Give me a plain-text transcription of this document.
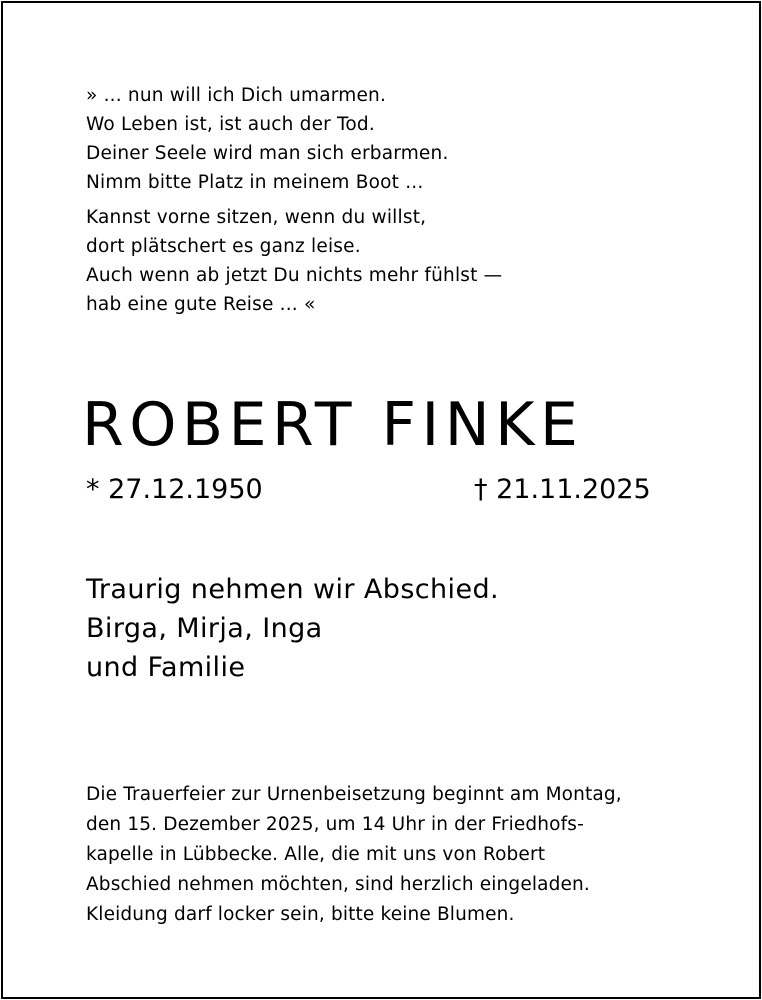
» ... nun will ich Dich umarmen.
Wo Leben ist, ist auch der Tod.
Deiner Seele wird man sich erbarmen.
Nimm bitte Platz in meinem Boot ...
Kannst vorne sitzen, wenn du willst,
dort plätschert es ganz leise.
Auch wenn ab jetzt Du nichts mehr fühlst —
hab eine gute Reise ... «
ROBERT FINKE
* 27.12.1950	† 21.11.2025
Traurig nehmen wir Abschied.
Birga, Mirja, Inga
und Familie
Die Trauerfeier zur Urnenbeisetzung beginnt am Montag,
den 15. Dezember 2025, um 14 Uhr in der Friedhofs-
kapelle in Lübbecke. Alle, die mit uns von Robert
Abschied nehmen möchten, sind herzlich eingeladen.
Kleidung darf locker sein, bitte keine Blumen.
